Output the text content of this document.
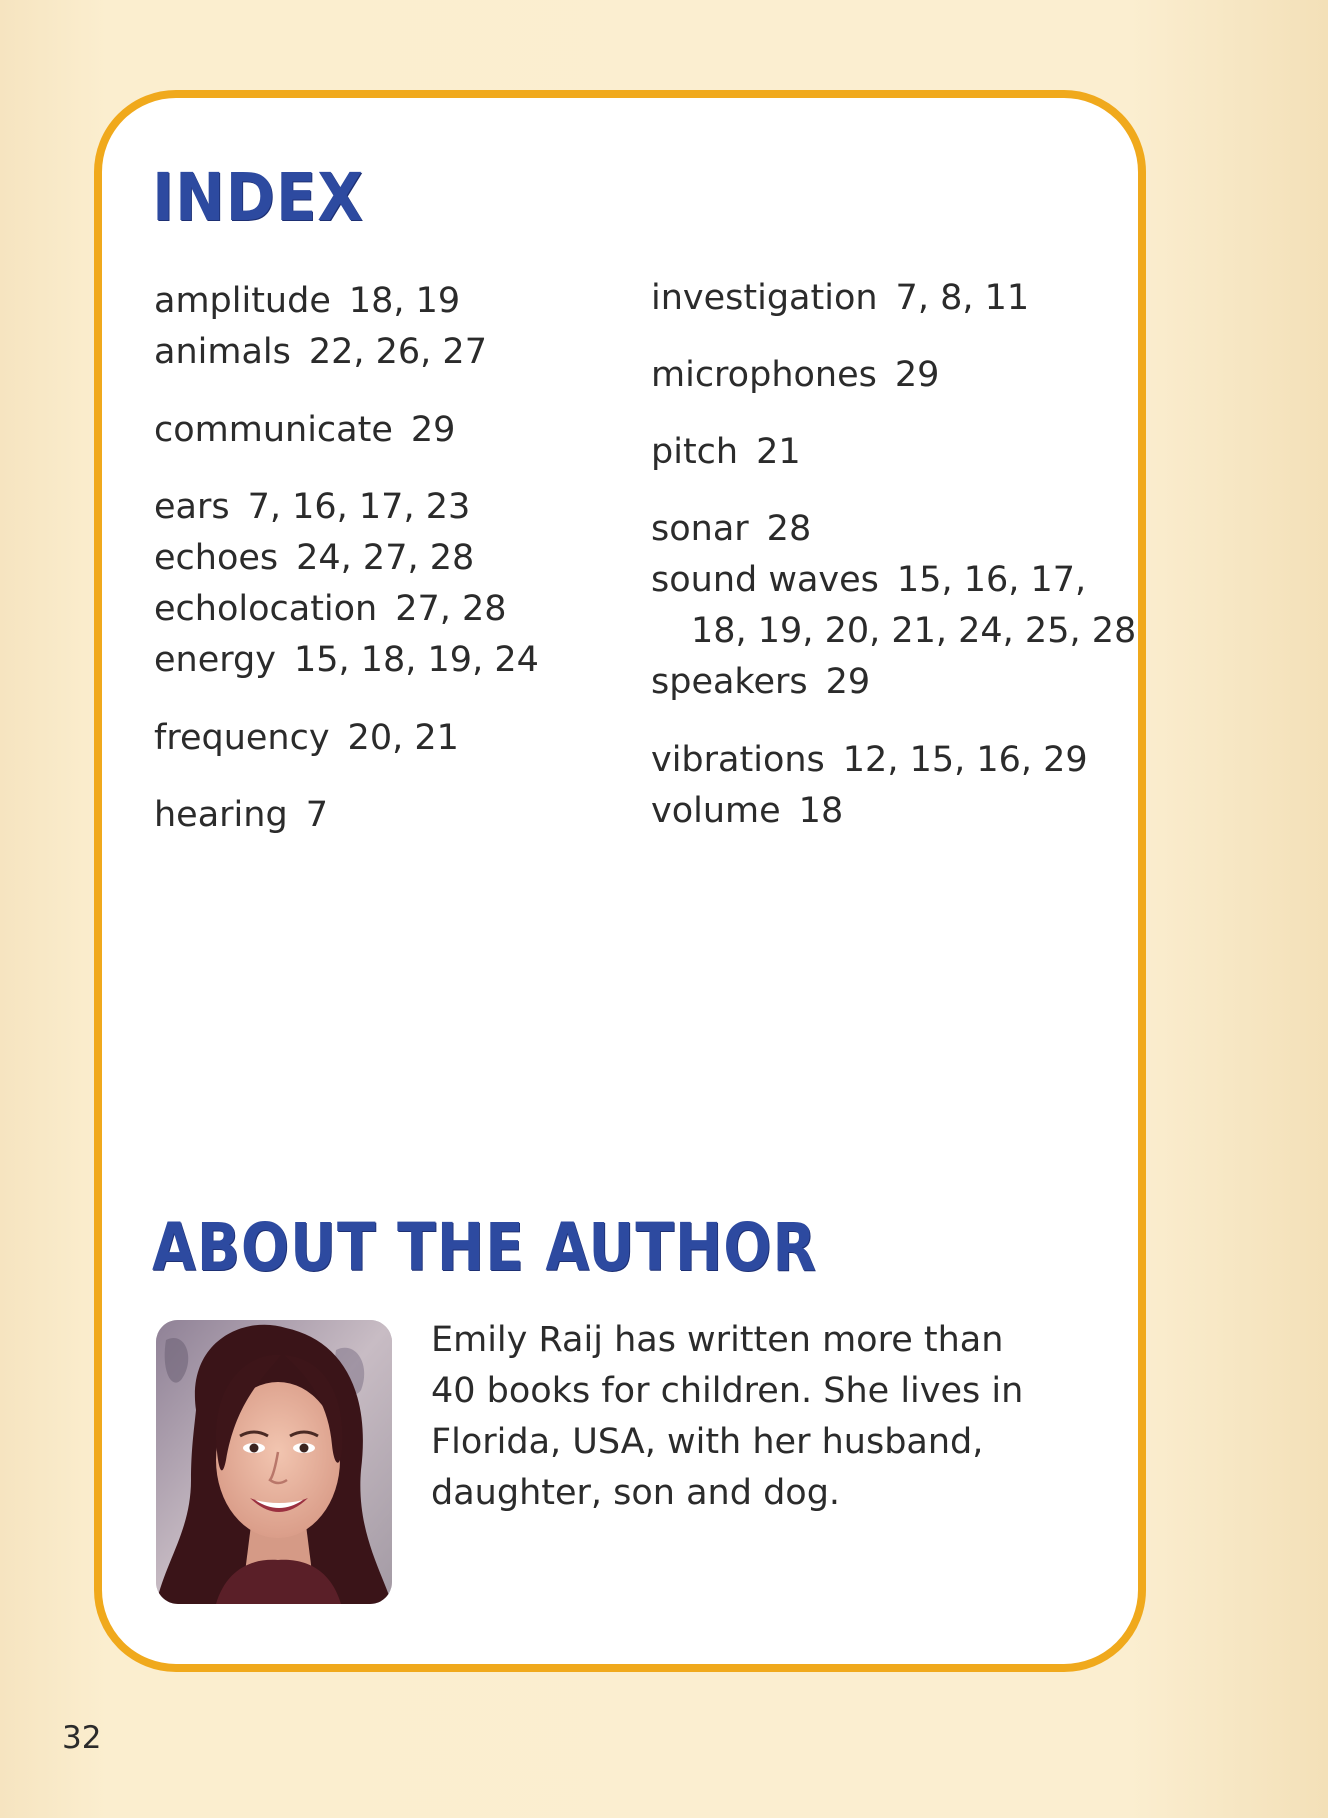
INDEX
amplitude 18, 19
animals 22, 26, 27
communicate 29
ears 7, 16, 17, 23
echoes 24, 27, 28
echolocation 27, 28
energy 15, 18, 19, 24
frequency 20, 21
hearing 7
investigation 7, 8, 11
microphones 29
pitch 21
sonar 28
sound waves 15, 16, 17,
18, 19, 20, 21, 24, 25, 28
speakers 29
vibrations 12, 15, 16, 29
volume 18
ABOUT THE AUTHOR
Emily Raij has written more than
40 books for children. She lives in
Florida, USA, with her husband,
daughter, son and dog.
32
